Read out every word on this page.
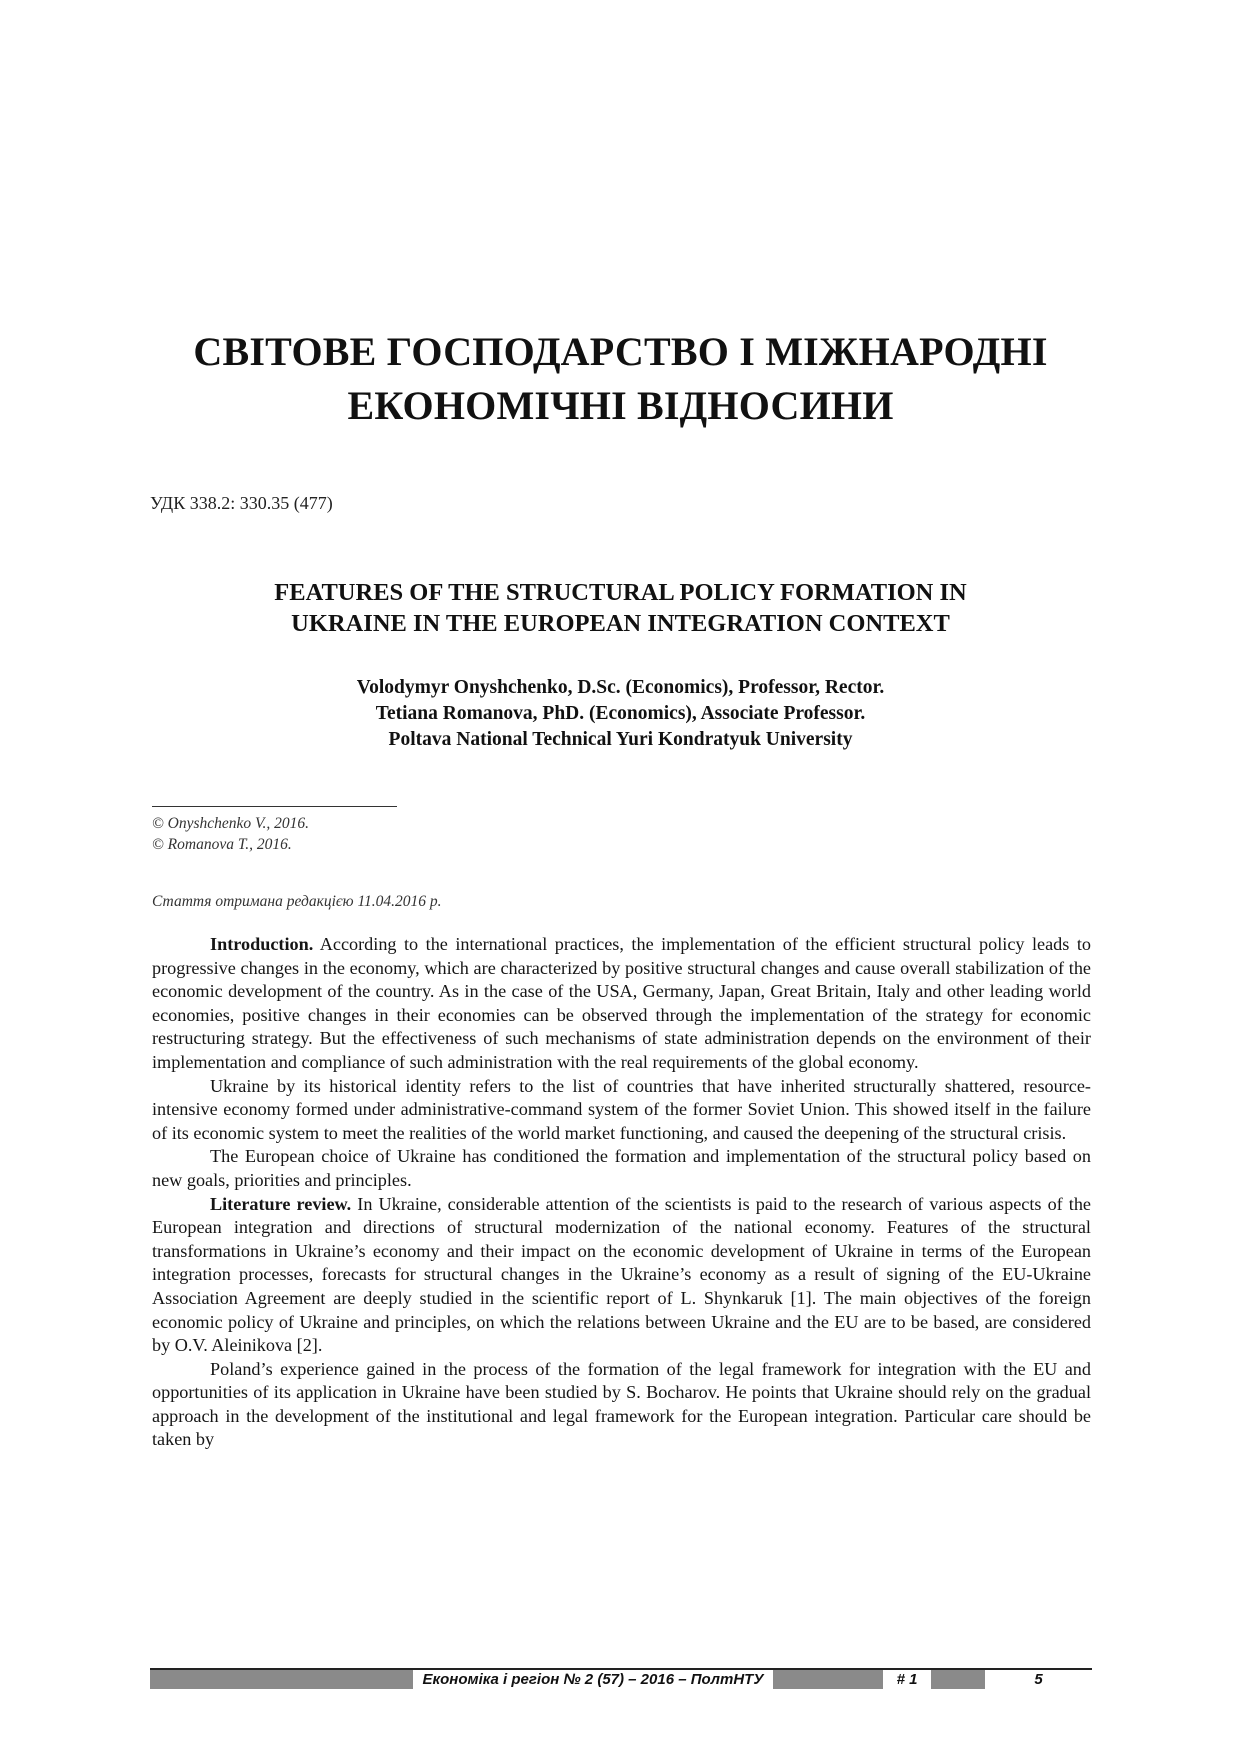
СВІТОВЕ ГОСПОДАРСТВО І МІЖНАРОДНІ
ЕКОНОМІЧНІ ВІДНОСИНИ
УДК 338.2: 330.35 (477)
FEATURES OF THE STRUCTURAL POLICY FORMATION IN
UKRAINE IN THE EUROPEAN INTEGRATION CONTEXT
Volodymyr Onyshchenko, D.Sc. (Economics), Professor, Rector.
Tetiana Romanova, PhD. (Economics), Associate Professor.
Poltava National Technical Yuri Kondratyuk University
© Onyshchenko V., 2016.
© Romanova T., 2016.
Стаття отримана редакцією 11.04.2016 р.

Introduction. According to the international practices, the implementation of the efficient structural policy leads to progressive changes in the economy, which are characterized by positive structural changes and cause overall stabilization of the economic development of the country. As in the case of the USA, Germany, Japan, Great Britain, Italy and other leading world economies, positive changes in their economies can be observed through the implementation of the strategy for economic restructuring strategy. But the effectiveness of such mechanisms of state administration depends on the environment of their implementation and compliance of such administration with the real requirements of the global economy.

Ukraine by its historical identity refers to the list of countries that have inherited structurally shattered, resource-intensive economy formed under administrative-command system of the former Soviet Union. This showed itself in the failure of its economic system to meet the realities of the world market functioning, and caused the deepening of the structural crisis.

The European choice of Ukraine has conditioned the formation and implementation of the structural policy based on new goals, priorities and principles.

Literature review. In Ukraine, considerable attention of the scientists is paid to the research of various aspects of the European integration and directions of structural modernization of the national economy. Features of the structural transformations in Ukraine’s economy and their impact on the economic development of Ukraine in terms of the European integration processes, forecasts for structural changes in the Ukraine’s economy as a result of signing of the EU-Ukraine Association Agreement are deeply studied in the scientific report of L. Shynkaruk [1]. The main objectives of the foreign economic policy of Ukraine and principles, on which the relations between Ukraine and the EU are to be based, are considered by O.V. Aleinikova [2].

Poland’s experience gained in the process of the formation of the legal framework for integration with the EU and opportunities of its application in Ukraine have been studied by S. Bocharov. He points that Ukraine should rely on the gradual approach in the development of the institutional and legal framework for the European integration. Particular care should be taken by

Економіка і регіон № 2 (57) – 2016 – ПолтНТУ	# 1	5
